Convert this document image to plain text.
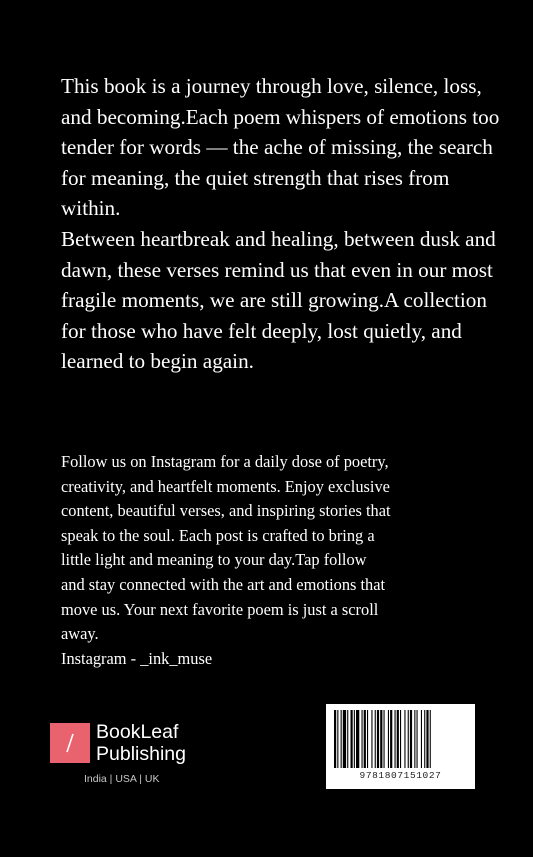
This book is a journey through love, silence, loss, and becoming.Each poem whispers of emotions too tender for words — the ache of missing, the search for meaning, the quiet strength that rises from within.

Between heartbreak and healing, between dusk and dawn, these verses remind us that even in our most fragile moments, we are still growing.A collection for those who have felt deeply, lost quietly, and learned to begin again.

Follow us on Instagram for a daily dose of poetry, creativity, and heartfelt moments. Enjoy exclusive content, beautiful verses, and inspiring stories that speak to the soul. Each post is crafted to bring a little light and meaning to your day.Tap follow and stay connected with the art and emotions that move us. Your next favorite poem is just a scroll away.

Instagram - _ink_muse

BookLeaf
Publishing
India | USA | UK	9781807151027
